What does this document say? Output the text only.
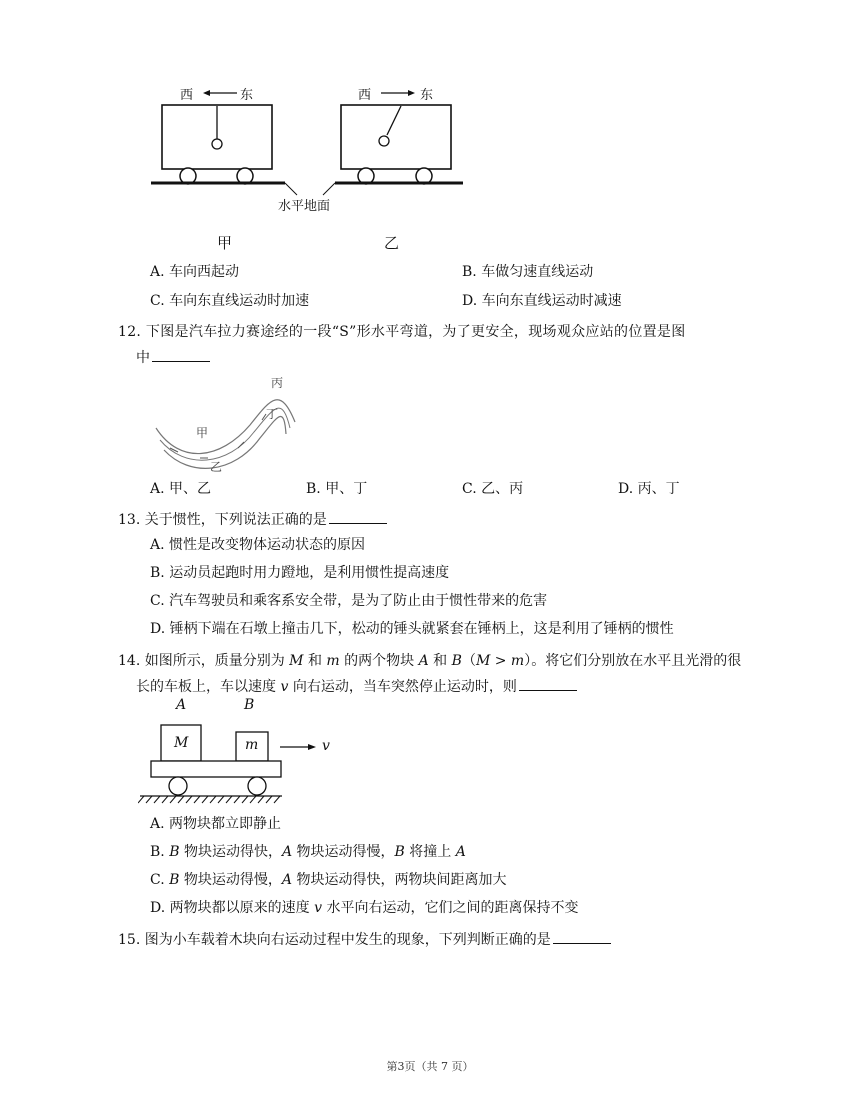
西	东	西	东
水平地面
甲	乙
A. 车向西起动	B. 车做匀速直线运动
C. 车向东直线运动时加速	D. 车向东直线运动时减速
12. 下图是汽车拉力赛途经的一段“S”形水平弯道，为了更安全，现场观众应站的位置是图
中
丙
丁
甲
乙
A. 甲、乙	B. 甲、丁	C. 乙、丙	D. 丙、丁
13. 关于惯性，下列说法正确的是
A. 惯性是改变物体运动状态的原因
B. 运动员起跑时用力蹬地，是利用惯性提高速度
C. 汽车驾驶员和乘客系安全带，是为了防止由于惯性带来的危害
D. 锤柄下端在石墩上撞击几下，松动的锤头就紧套在锤柄上，这是利用了锤柄的惯性
14. 如图所示，质量分别为 M 和 m 的两个物块 A 和 B（M > m）。将它们分别放在水平且光滑的很
长的车板上，车以速度 v 向右运动，当车突然停止运动时，则
A	B
M	m	v
A. 两物块都立即静止
B. B 物块运动得快，A 物块运动得慢，B 将撞上 A
C. B 物块运动得慢，A 物块运动得快，两物块间距离加大
D. 两物块都以原来的速度 v 水平向右运动，它们之间的距离保持不变
15. 图为小车载着木块向右运动过程中发生的现象，下列判断正确的是
第3页（共 7 页）
